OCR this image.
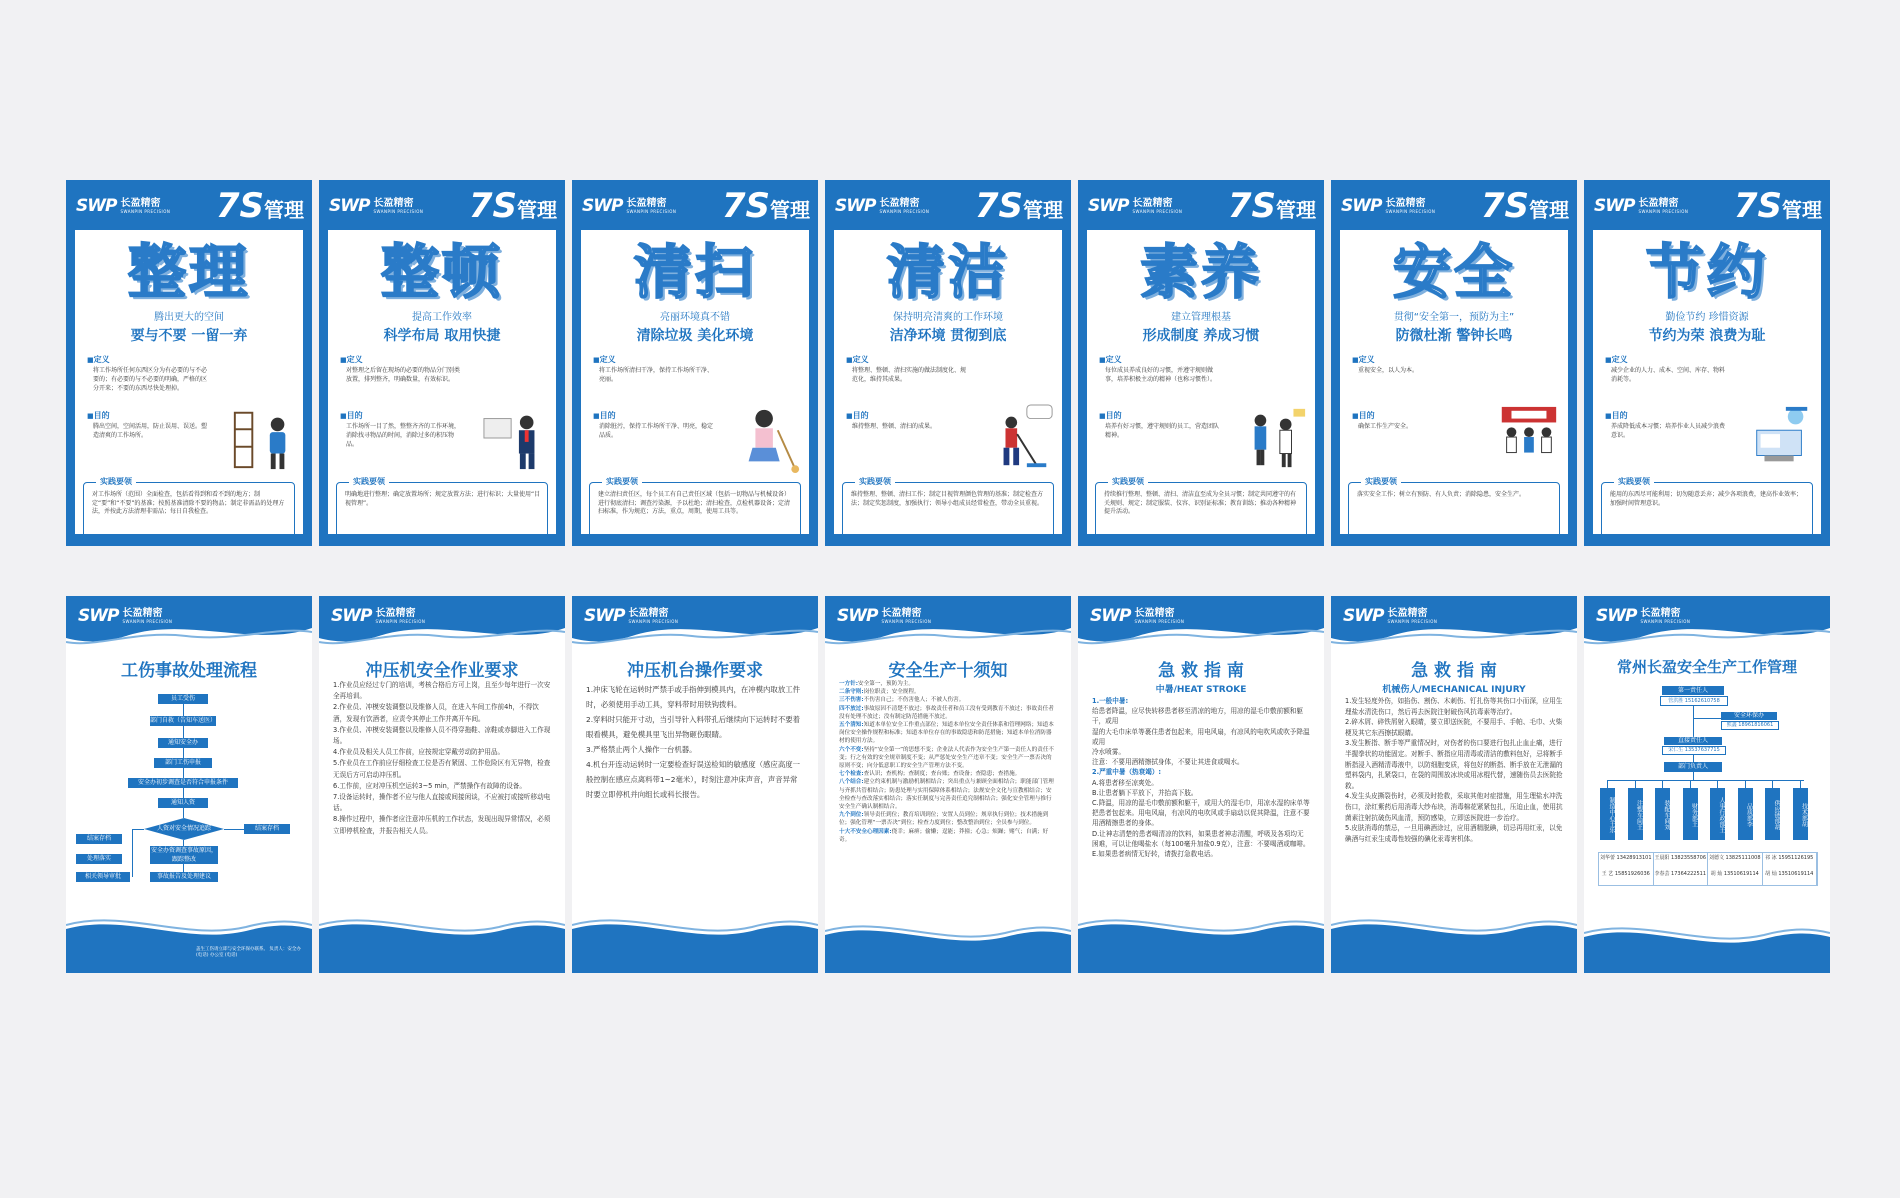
SWP 长盈精密
SWANPIN PRECISION 7S管理
整理
腾出更大的空间
要与不要 一留一弃
■ 定义
将工作场所任何东西区分为有必要的与不必要的；有必要的与不必要的明确，严格的区分开来；不要的东西尽快处理掉。
■ 目的
腾出空间，空间活用，防止误用、误送。塑造清爽的工作场所。
实践要领
对工作场所（范围）全面检查，包括看得到和看不到的地方；制定“要”和“不要”的基准；按照基准清除不要的物品；制定非需品的处理方法，并按此方法清理非需品；每日自我检查。
SWP 长盈精密
SWANPIN PRECISION 7S管理
整顿
提高工作效率
科学布局 取用快捷
■ 定义
对整理之后留在现场的必要的物品分门别类放置，排列整齐，明确数量，有效标识。
■ 目的
工作场所一目了然，整整齐齐的工作环境，消除找寻物品的时间，消除过多的积压物品。
实践要领
明确地进行整理；确定放置场所；规定放置方法；进行标识；大量使用“目视管理”。
SWP 长盈精密
SWANPIN PRECISION 7S管理
清扫
亮丽环境真不错
清除垃圾 美化环境
■ 定义
将工作场所清扫干净，保持工作场所干净、亮丽。
■ 目的
消除脏污，保持工作场所干净、明亮，稳定品质。
实践要领
建立清扫责任区，每个员工有自己责任区域（包括一切物品与机械设备）进行彻底清扫；调查污染源，予以杜绝；清扫检查，点检机器设备；定清扫标准，作为规范；方法，重点，周期，使用工具等。
SWP 长盈精密
SWANPIN PRECISION 7S管理
清洁
保持明亮清爽的工作环境
洁净环境 贯彻到底
■ 定义
将整理、整顿、清扫实施的做法制度化、规范化，维持其成果。
■ 目的
维持整理、整顿、清扫的成果。
实践要领
维持整理、整顿、清扫工作；制定目视管理颜色管理的基准；制定检查方法；制定奖惩制度，加强执行；领导小组成员经常检查，带动全员重视。
SWP 长盈精密
SWANPIN PRECISION 7S管理
素养
建立管理根基
形成制度 养成习惯
■ 定义
每位成员养成良好的习惯，并遵守规则做事，培养积极主动的精神（也称习惯性）。
■ 目的
培养有好习惯，遵守规则的员工，营造团队精神。
实践要领
持续推行整理、整顿、清扫、清洁直至成为全员习惯；制定共同遵守的有关规则、规定；制定服装、仪容、识别证标准；教育训练；推动各种精神提升活动。
SWP 长盈精密
SWANPIN PRECISION 7S管理
安全
贯彻“安全第一，预防为主”
防微杜渐 警钟长鸣
■ 定义
重视安全，以人为本。
■ 目的
确保工作生产安全。
实践要领
落实安全工作；树立有预防、有人负责；消除隐患，安全生产。
SWP 长盈精密
SWANPIN PRECISION 7S管理
节约
勤俭节约 珍惜资源
节约为荣 浪费为耻
■ 定义
减少企业的人力、成本、空间、库存、物料消耗等。
■ 目的
养成降低成本习惯；培养作业人员减少浪费意识。
实践要领
能用的东西尽可能利用；切勿随意丢弃；减少各项浪费，建高作业效率；加强时间管理意识。
SWP 长盈精密
SWANPIN PRECISION
工伤事故处理流程
员工受伤
部门自救（告知车送医）
通知安全办
部门工伤申报
安全办初步调查是否符合申报条件
通知人资
人资对安全情况追踪	结案存档
安全办资调查事故原因，跟踪整改
事故报告及处理建议
结案存档
处理落实
相关领导审批
盖生工伤请立即与安全环保办联系。 负责人：安全办 (电话) 办公室 (电话)
SWP 长盈精密
SWANPIN PRECISION
冲压机安全作业要求
1.作业员应经过专门的培训，考核合格后方可上岗，且至少每年进行一次安全再培训。
2.作业员、冲模安装调整以及维修人员，在进入车间工作前4h，不得饮酒，发现有饮酒者，应责令其停止工作并离开车间。
3.作业员、冲模安装调整以及维修人员不得穿拖鞋、凉鞋或赤脚进入工作现场。
4.作业员及相关人员工作前，应按规定穿戴劳动防护用品。
5.作业员在工作前应仔细检查工位是否有紧固、工作危险区有无异物，检查无误后方可启动冲压机。
6.工作前，应对冲压机空运转3~5 min，严禁操作有故障的设备。
7.设备运转时，操作者不应与他人直接或间接闲谈，不应被打或接听移动电话。
8.操作过程中，操作者应注意冲压机的工作状态，发现出现异常情况，必须立即停机检查，并报告相关人员。
SWP 长盈精密
SWANPIN PRECISION
冲压机台操作要求
1.冲床飞轮在运转时严禁手或手指伸到模具内，在冲模内取放工件时，必须使用手动工具，穿料带时用铁钩拨料。
2.穿料时只能开寸动，当引导针入料带孔后继续向下运转时不要着眼看模具，避免模具里飞出异物砸伤眼睛。
3.严格禁止两个人操作一台机器。
4.机台开连动运转时一定要检查好误送检知的敏感度（感应高度一般控制在感应点离料带1~2毫米），时刻注意冲床声音，声音异常时要立即停机并向组长或科长报告。
SWP 长盈精密
SWANPIN PRECISION
安全生产十须知
一方针:安全第一，预防为主。
二条守则:岗位职责；安全规程。
三不伤害:不伤害自己；不伤害他人；不被人伤害。
四不放过:事故原因不清楚不放过；事故责任者和员工没有受到教育不放过；事故责任者没有处理不放过；没有制定防范措施不放过。
五个清知:知道本单位安全工作重点部位；知道本单位安全责任体系和管理网络；知道本岗位安全操作规程和标准；知道本单位存在的事故隐患和防范措施；知道本单位消防器材的使用方法。
六个不变:坚持“安全第一”的思想不变；企业法人代表作为安全生产第一责任人的责任不变；行之有效的安全规章制度不变；从严惩处安全生产违章不变；安全生产一票否决的原则不变；向分低意职工的安全生产管理方法不变。
七个检查:查认识；查机构；查制度；查台账；查设备；查隐患；查措施。
八个结合:建立约束机制与激励机制相结合；突出重点与兼顾全面相结合；职能部门管理与齐抓共管相结合；防患处理与实用保障体系相结合；法规安全文化与宣教相结合；安全检查与查改落实相结合；落实任制度与完善责任追究制相结合；强化安全管理与推行安全生产确认制相结合。
九个到位:领导责任到位；教育培训到位；安置人员到位；规章执行到位；技术措施到位；强化管理“一票否决”到位；检查力度到位；整改整治到位；全员参与到位。
十大不安全心理因素:侥幸；麻痹；偷懒；逞能；莽撞；心急；烦躁；赌气；自满；好奇。
SWP 长盈精密
SWANPIN PRECISION
急 救 指 南
中暑/HEAT STROKE
1.一般中暑:
给患者降温，应尽快转移患者移至清凉的地方，用凉的湿毛巾敷前额和躯干，或用
湿的大毛巾床单等裹住患者包起来，用电风扇，有凉风的电吹风或吹予降温或用
冷水喷雾。
注意：不要用酒精擦拭身体，不要让其进食或喝水。
2.严重中暑（热衰竭）:
A.将患者移至凉爽处。
B.让患者躺下平放下，并抬高下肢。
C.降温，用凉的湿毛巾敷前额和躯干，或用大的湿毛巾，用凉水湿的床单等把患者包起来。用电风扇，有凉风的电吹风或手扇动以促其降温，注意不要用酒精擦患者的身体。
D.让神志清楚的患者喝清凉的饮料，如果患者神志清醒，呼吸及各项均无困难，可以让他喝盐水（每100毫升加盐0.9克），注意：不要喝酒或咖啡。
E.如果患者病情无好转，请拨打急救电话。
SWP 长盈精密
SWANPIN PRECISION
急 救 指 南
机械伤人/MECHANICAL INJURY
1.发生轻度外伤，如掐伤、割伤、木刺伤、钉扎伤等其伤口小而深，应用生理盐水清洗伤口，然后再去医院注射破伤风抗毒素等治疗。
2.碎木屑、碎铁屑射入眼睛，要立即送医院，不要用手、手帕、毛巾、火柴梗及其它东西擦拭眼睛。
3.发生断指、断手等严重情况时，对伤者的伤口要进行包扎止血止痛，进行半握拳状的功能固定。对断手、断指应用清毒或清洁的敷料包好，忌将断手断指浸入酒精清毒液中，以防细胞变质，将包好的断指、断手放在无泄漏的塑料袋内，扎紧袋口，在袋的周围放冰块或用冰棍代替，速随伤员去医院抢救。
4.发生头皮撕裂伤时，必须及时抢救，采取其他对症措施，用生理盐水冲洗伤口，涂红紫药后用消毒大纱布块，消毒棉花紧紧包扎，压迫止血，使用抗菌素注射抗破伤风血清，预防感染，立即送医院进一步治疗。
5.皮肤消毒的禁忌，一旦用碘酒涂过，应用酒精脱碘，切忌再用红汞，以免碘酒与红汞生成毒性较强的碘化汞毒害机体。
SWP 长盈精密
SWANPIN PRECISION
常州长盈安全生产工作管理
第一责任人
管洪胜 15162610758
安全环保办
熊鑫 18961816061
直接责任人
宋仁生 13537637715
部门负责人
制造中心王乐	注塑车间王	装配车间刘	财务部王	人事行政部王	品质部李	供应链部胡	技术部胡
刘华蕾 13428913101 王晨阳 13823558706 刘德文 13825111008 祁 冰 15951126195
王 艺 15851926036 李春芸 17364222511 胡 灿 13510619114	胡 灿 13510619114
